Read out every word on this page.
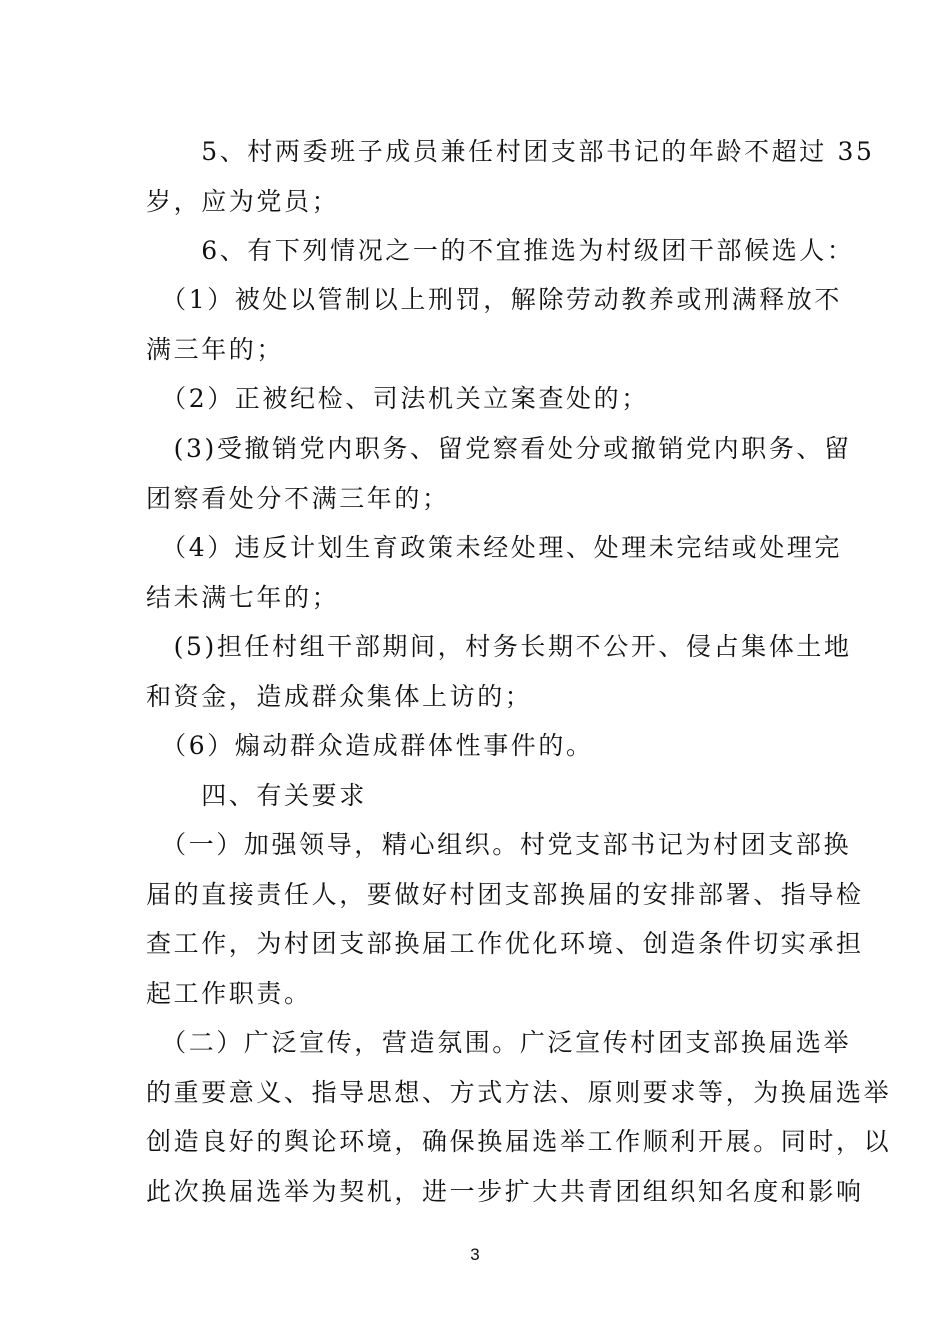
　　5、村两委班子成员兼任村团支部书记的年龄不超过 35
岁，应为党员；
　　6、有下列情况之一的不宜推选为村级团干部候选人：
　（1）被处以管制以上刑罚，解除劳动教养或刑满释放不
满三年的；
　（2）正被纪检、司法机关立案查处的；
　(3)受撤销党内职务、留党察看处分或撤销党内职务、留
团察看处分不满三年的；
　（4）违反计划生育政策未经处理、处理未完结或处理完
结未满七年的；
　(5)担任村组干部期间，村务长期不公开、侵占集体土地
和资金，造成群众集体上访的；
　（6）煽动群众造成群体性事件的。
　　四、有关要求
　（一）加强领导，精心组织。村党支部书记为村团支部换
届的直接责任人，要做好村团支部换届的安排部署、指导检
查工作，为村团支部换届工作优化环境、创造条件切实承担
起工作职责。
　（二）广泛宣传，营造氛围。广泛宣传村团支部换届选举
的重要意义、指导思想、方式方法、原则要求等，为换届选举
创造良好的舆论环境，确保换届选举工作顺利开展。同时，以
此次换届选举为契机，进一步扩大共青团组织知名度和影响
3
